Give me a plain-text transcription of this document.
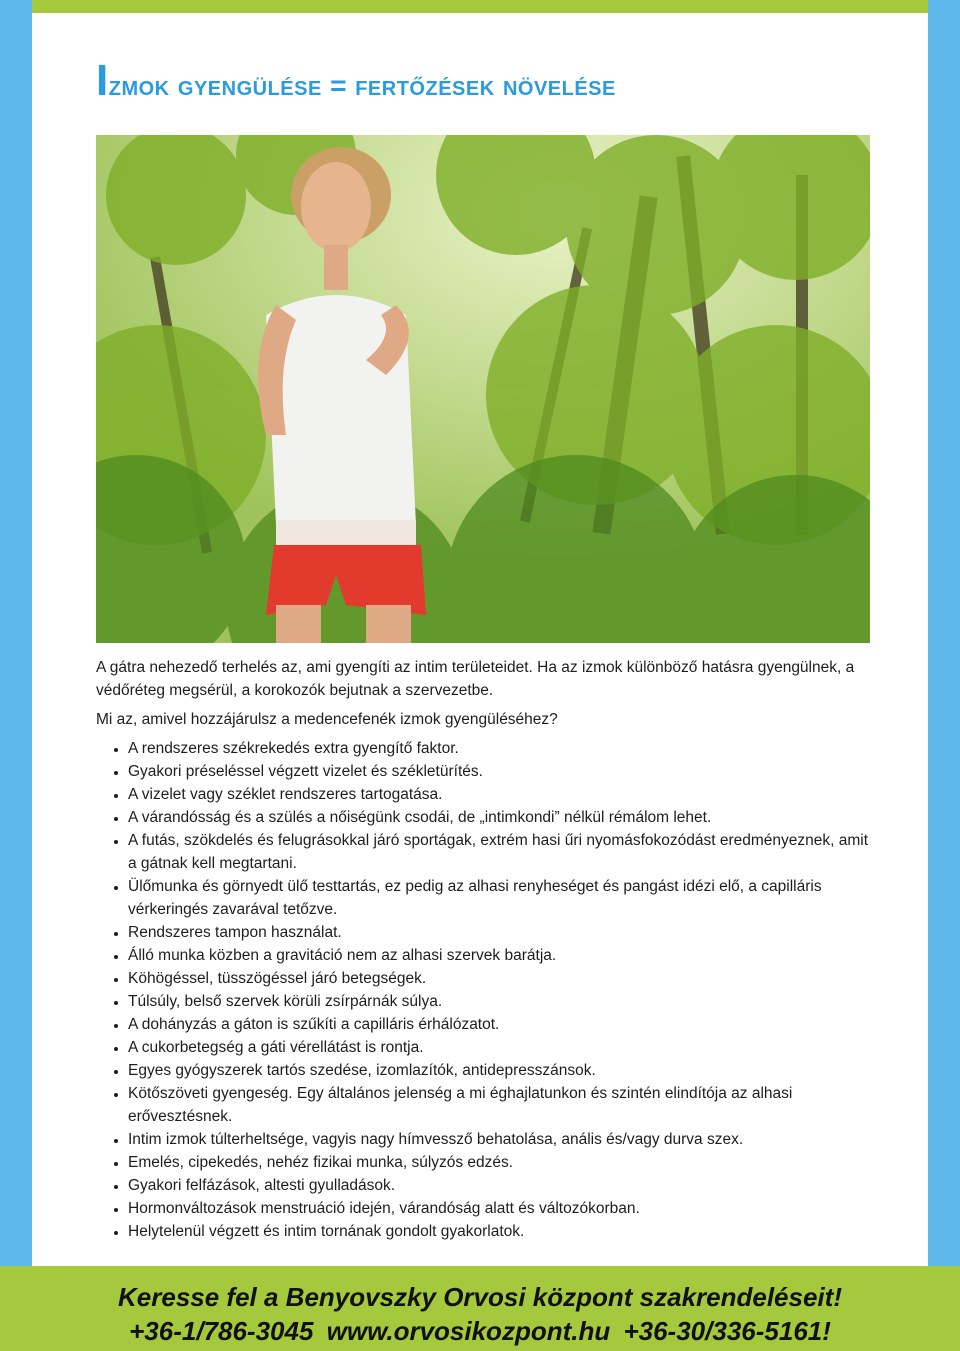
Izmok gyengülése = fertőzések növelése

A gátra nehezedő terhelés az, ami gyengíti az intim területeidet. Ha az izmok különböző hatásra gyengülnek, a védőréteg megsérül, a korokozók bejutnak a szervezetbe.

Mi az, amivel hozzájárulsz a medencefenék izmok gyengüléséhez?

• A rendszeres székrekedés extra gyengítő faktor.
• Gyakori préseléssel végzett vizelet és székletürítés.
• A vizelet vagy széklet rendszeres tartogatása.
• A várandósság és a szülés a nőiségünk csodái, de „intimkondi” nélkül rémálom lehet.
• A futás, szökdelés és felugrásokkal járó sportágak, extrém hasi űri nyomásfokozódást eredményeznek, amit a gátnak kell megtartani.
• Ülőmunka és görnyedt ülő testtartás, ez pedig az alhasi renyheséget és pangást idézi elő, a capilláris vérkeringés zavarával tetőzve.
• Rendszeres tampon használat.
• Álló munka közben a gravitáció nem az alhasi szervek barátja.
• Köhögéssel, tüsszögéssel járó betegségek.
• Túlsúly, belső szervek körüli zsírpárnák súlya.
• A dohányzás a gáton is szűkíti a capilláris érhálózatot.
• A cukorbetegség a gáti vérellátást is rontja.
• Egyes gyógyszerek tartós szedése, izomlazítók, antidepresszánsok.
• Kötőszöveti gyengeség. Egy általános jelenség a mi éghajlatunkon és szintén elindítója az alhasi erővesztésnek.
• Intim izmok túlterheltsége, vagyis nagy hímvessző behatolása, anális és/vagy durva szex.
• Emelés, cipekedés, nehéz fizikai munka, súlyzós edzés.
• Gyakori felfázások, altesti gyulladások.
• Hormonváltozások menstruáció idején, várandóság alatt és változókorban.
• Helytelenül végzett és intim tornának gondolt gyakorlatok.
Keresse fel a Benyovszky Orvosi központ szakrendeléseit!
+36-1/786-3045 www.orvosikozpont.hu +36-30/336-5161!
